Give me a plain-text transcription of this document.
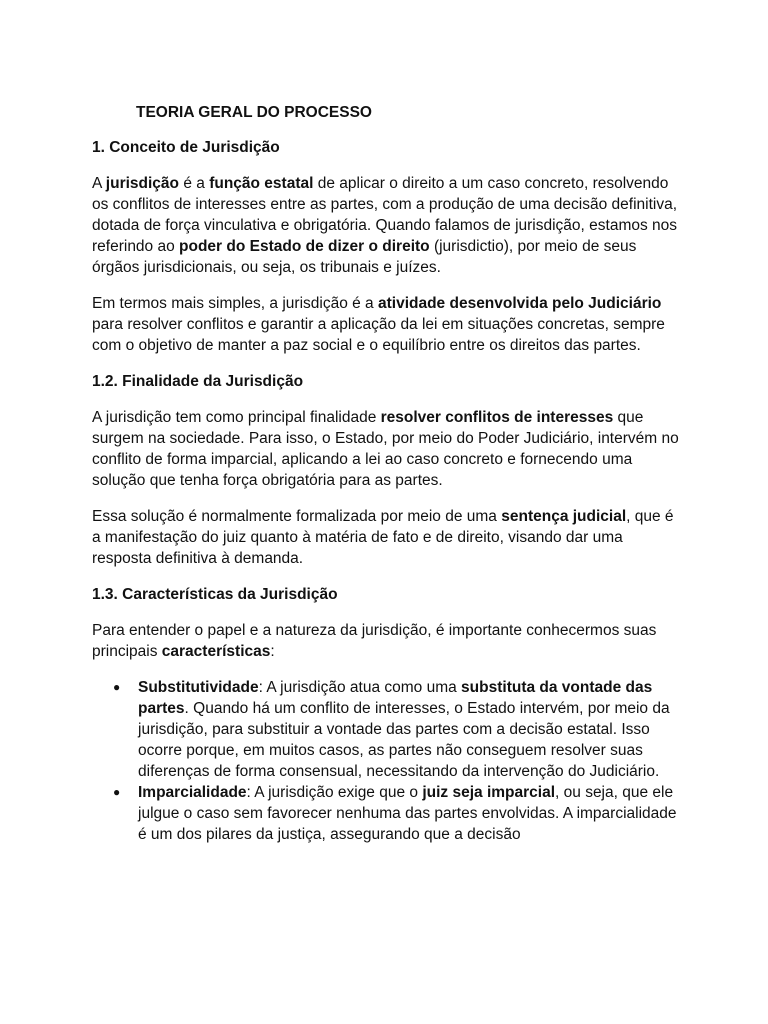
TEORIA GERAL DO PROCESSO
1. Conceito de Jurisdição

A jurisdição é a função estatal de aplicar o direito a um caso concreto, resolvendo os conflitos de interesses entre as partes, com a produção de uma decisão definitiva, dotada de força vinculativa e obrigatória. Quando falamos de jurisdição, estamos nos referindo ao poder do Estado de dizer o direito (jurisdictio), por meio de seus órgãos jurisdicionais, ou seja, os tribunais e juízes.

Em termos mais simples, a jurisdição é a atividade desenvolvida pelo Judiciário para resolver conflitos e garantir a aplicação da lei em situações concretas, sempre com o objetivo de manter a paz social e o equilíbrio entre os direitos das partes.

1.2. Finalidade da Jurisdição

A jurisdição tem como principal finalidade resolver conflitos de interesses que surgem na sociedade. Para isso, o Estado, por meio do Poder Judiciário, intervém no conflito de forma imparcial, aplicando a lei ao caso concreto e fornecendo uma solução que tenha força obrigatória para as partes.

Essa solução é normalmente formalizada por meio de uma sentença judicial, que é a manifestação do juiz quanto à matéria de fato e de direito, visando dar uma resposta definitiva à demanda.

1.3. Características da Jurisdição

Para entender o papel e a natureza da jurisdição, é importante conhecermos suas principais características:

● Substitutividade: A jurisdição atua como uma substituta da vontade das partes. Quando há um conflito de interesses, o Estado intervém, por meio da jurisdição, para substituir a vontade das partes com a decisão estatal. Isso ocorre porque, em muitos casos, as partes não conseguem resolver suas diferenças de forma consensual, necessitando da intervenção do Judiciário.
● Imparcialidade: A jurisdição exige que o juiz seja imparcial, ou seja, que ele julgue o caso sem favorecer nenhuma das partes envolvidas. A imparcialidade é um dos pilares da justiça, assegurando que a decisão
